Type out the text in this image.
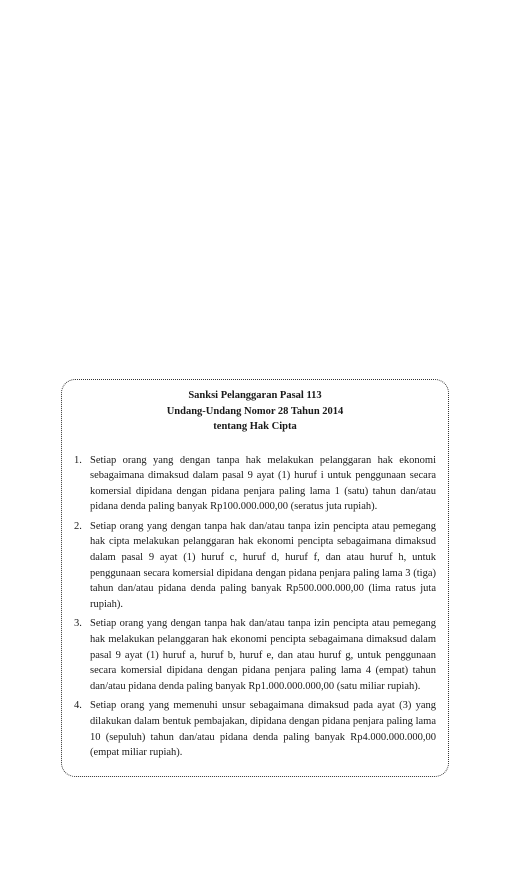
Sanksi Pelanggaran Pasal 113
Undang-Undang Nomor 28 Tahun 2014
tentang Hak Cipta
1. Setiap orang yang dengan tanpa hak melakukan pelanggaran hak ekonomi sebagaimana dimaksud dalam pasal 9 ayat (1) huruf i untuk penggunaan secara komersial dipidana dengan pidana penjara paling lama 1 (satu) tahun dan/atau pidana denda paling banyak Rp100.000.000,00 (seratus juta rupiah).
2. Setiap orang yang dengan tanpa hak dan/atau tanpa izin pencipta atau pemegang hak cipta melakukan pelanggaran hak ekonomi pencipta sebagaimana dimaksud dalam pasal 9 ayat (1) huruf c, huruf d, huruf f, dan atau huruf h, untuk penggunaan secara komersial dipidana dengan pidana penjara paling lama 3 (tiga) tahun dan/atau pidana denda paling banyak Rp500.000.000,00 (lima ratus juta rupiah).
3. Setiap orang yang dengan tanpa hak dan/atau tanpa izin pencipta atau pemegang hak melakukan pelanggaran hak ekonomi pencipta sebagaimana dimaksud dalam pasal 9 ayat (1) huruf a, huruf b, huruf e, dan atau huruf g, untuk penggunaan secara komersial dipidana dengan pidana penjara paling lama 4 (empat) tahun dan/atau pidana denda paling banyak Rp1.000.000.000,00 (satu miliar rupiah).
4. Setiap orang yang memenuhi unsur sebagaimana dimaksud pada ayat (3) yang dilakukan dalam bentuk pembajakan, dipidana dengan pidana penjara paling lama 10 (sepuluh) tahun dan/atau pidana denda paling banyak Rp4.000.000.000,00 (empat miliar rupiah).
